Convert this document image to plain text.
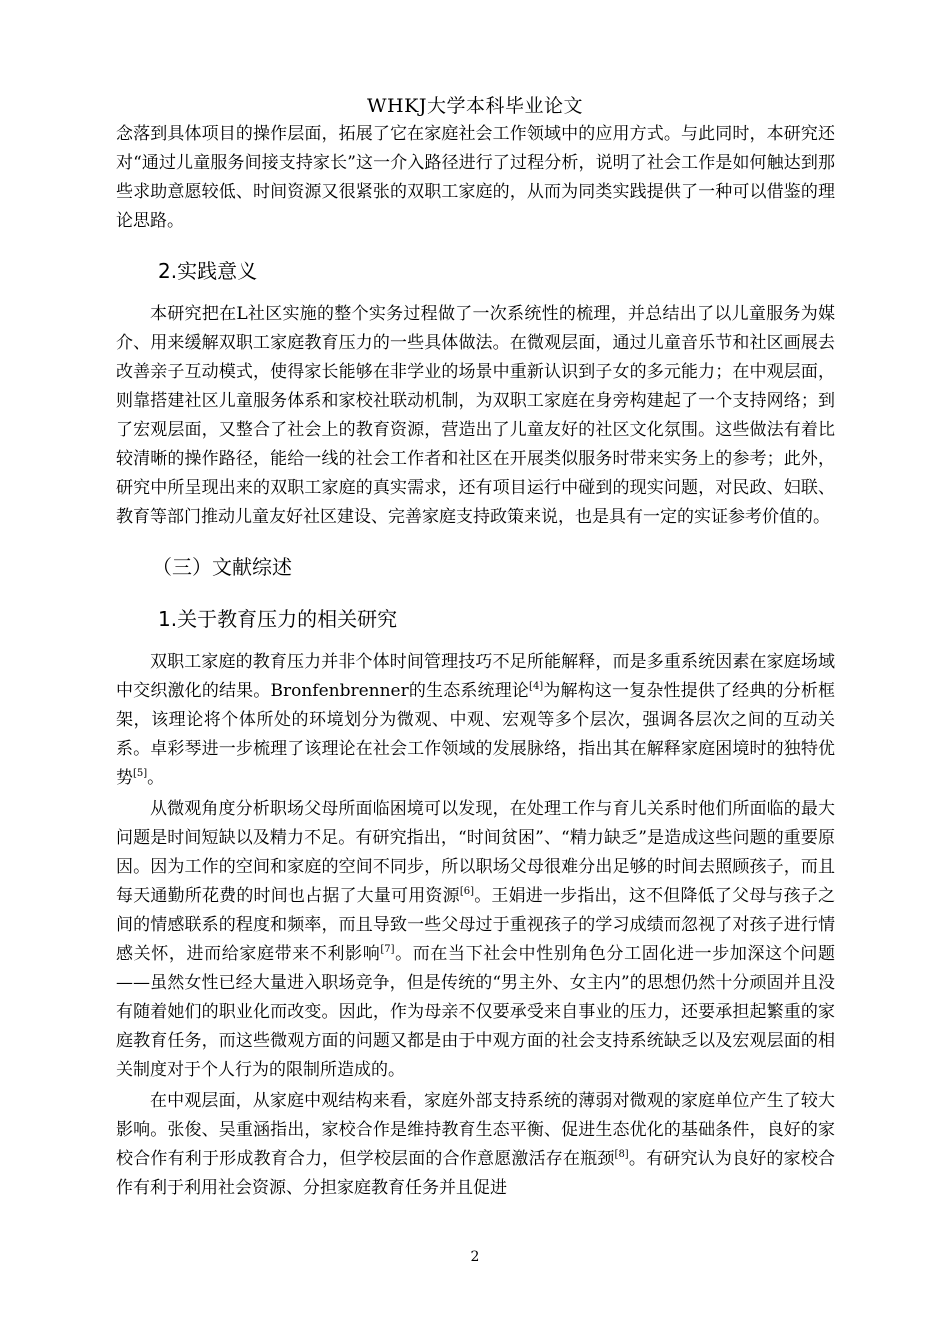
WHKJ大学本科毕业论文

念落到具体项目的操作层面，拓展了它在家庭社会工作领域中的应用方式。与此同时，本研究还对“通过儿童服务间接支持家长”这一介入路径进行了过程分析，说明了社会工作是如何触达到那些求助意愿较低、时间资源又很紧张的双职工家庭的，从而为同类实践提供了一种可以借鉴的理论思路。

2.实践意义

本研究把在L社区实施的整个实务过程做了一次系统性的梳理，并总结出了以儿童服务为媒介、用来缓解双职工家庭教育压力的一些具体做法。在微观层面，通过儿童音乐节和社区画展去改善亲子互动模式，使得家长能够在非学业的场景中重新认识到子女的多元能力；在中观层面，则靠搭建社区儿童服务体系和家校社联动机制，为双职工家庭在身旁构建起了一个支持网络；到了宏观层面，又整合了社会上的教育资源，营造出了儿童友好的社区文化氛围。这些做法有着比较清晰的操作路径，能给一线的社会工作者和社区在开展类似服务时带来实务上的参考；此外，研究中所呈现出来的双职工家庭的真实需求，还有项目运行中碰到的现实问题，对民政、妇联、教育等部门推动儿童友好社区建设、完善家庭支持政策来说，也是具有一定的实证参考价值的。

（三）文献综述
1.关于教育压力的相关研究

双职工家庭的教育压力并非个体时间管理技巧不足所能解释，而是多重系统因素在家庭场域中交织激化的结果。Bronfenbrenner的生态系统理论[4]为解构这一复杂性提供了经典的分析框架，该理论将个体所处的环境划分为微观、中观、宏观等多个层次，强调各层次之间的互动关系。卓彩琴进一步梳理了该理论在社会工作领域的发展脉络，指出其在解释家庭困境时的独特优势[5]。

从微观角度分析职场父母所面临困境可以发现，在处理工作与育儿关系时他们所面临的最大问题是时间短缺以及精力不足。有研究指出，“时间贫困”、“精力缺乏”是造成这些问题的重要原因。因为工作的空间和家庭的空间不同步，所以职场父母很难分出足够的时间去照顾孩子，而且每天通勤所花费的时间也占据了大量可用资源[6]。王娟进一步指出，这不但降低了父母与孩子之间的情感联系的程度和频率，而且导致一些父母过于重视孩子的学习成绩而忽视了对孩子进行情感关怀，进而给家庭带来不利影响[7]。而在当下社会中性别角色分工固化进一步加深这个问题——虽然女性已经大量进入职场竞争，但是传统的“男主外、女主内”的思想仍然十分顽固并且没有随着她们的职业化而改变。因此，作为母亲不仅要承受来自事业的压力，还要承担起繁重的家庭教育任务，而这些微观方面的问题又都是由于中观方面的社会支持系统缺乏以及宏观层面的相关制度对于个人行为的限制所造成的。

在中观层面，从家庭中观结构来看，家庭外部支持系统的薄弱对微观的家庭单位产生了较大影响。张俊、吴重涵指出，家校合作是维持教育生态平衡、促进生态优化的基础条件，良好的家校合作有利于形成教育合力，但学校层面的合作意愿激活存在瓶颈[8]。有研究认为良好的家校合作有利于利用社会资源、分担家庭教育任务并且促进

2
